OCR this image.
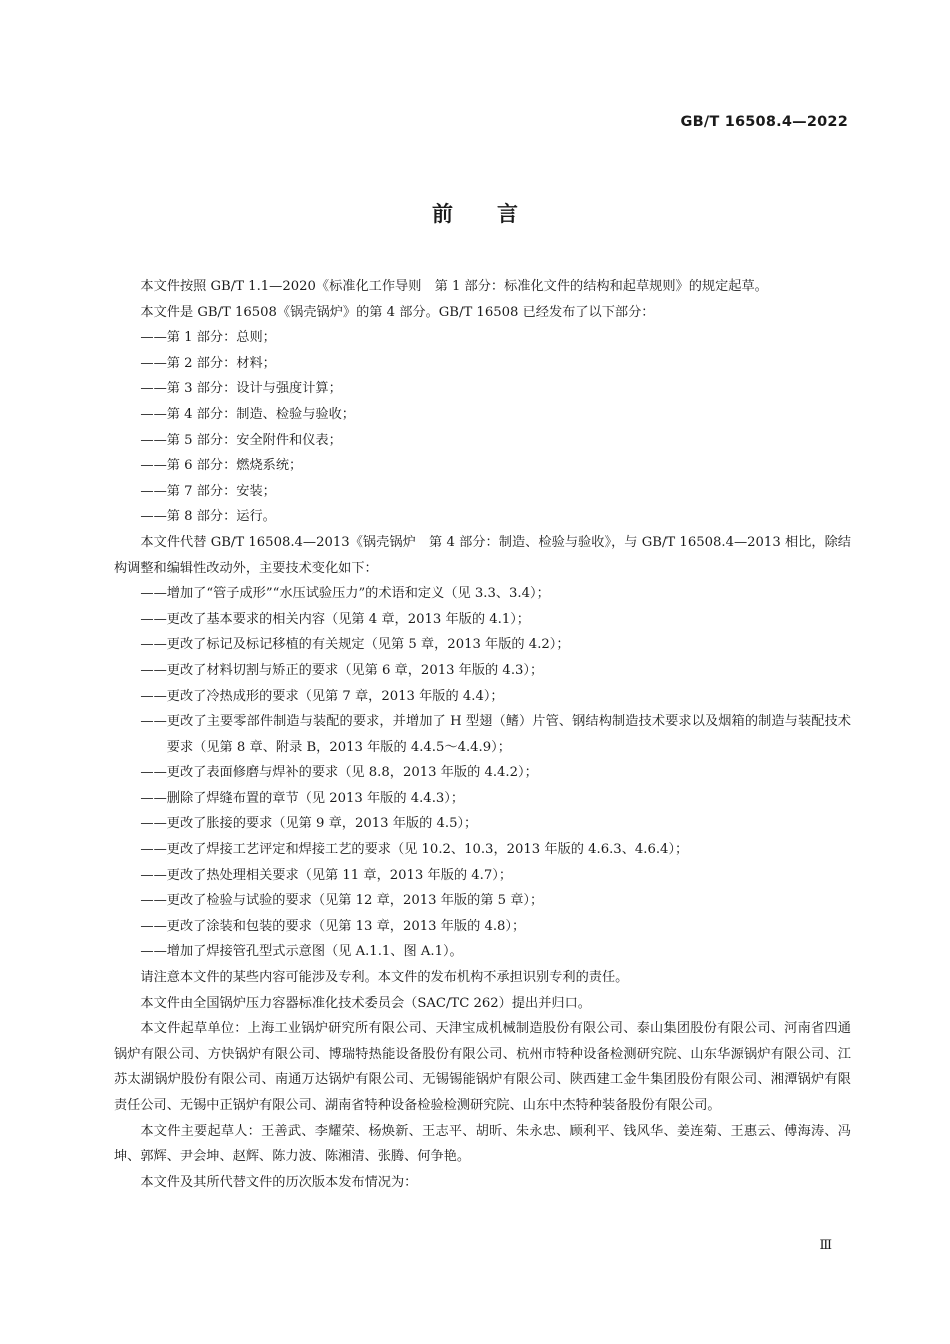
GB/T 16508.4—2022
前言

本文件按照 GB/T 1.1—2020《标准化工作导则　第 1 部分：标准化文件的结构和起草规则》的规定起草。

本文件是 GB/T 16508《锅壳锅炉》的第 4 部分。GB/T 16508 已经发布了以下部分：

——第 1 部分：总则；

——第 2 部分：材料；

——第 3 部分：设计与强度计算；

——第 4 部分：制造、检验与验收；

——第 5 部分：安全附件和仪表；

——第 6 部分：燃烧系统；

——第 7 部分：安装；

——第 8 部分：运行。

本文件代替 GB/T 16508.4—2013《锅壳锅炉　第 4 部分：制造、检验与验收》，与 GB/T 16508.4—2013 相比，除结构调整和编辑性改动外，主要技术变化如下：

——增加了“管子成形”“水压试验压力”的术语和定义（见 3.3、3.4）；

——更改了基本要求的相关内容（见第 4 章，2013 年版的 4.1）；

——更改了标记及标记移植的有关规定（见第 5 章，2013 年版的 4.2）；

——更改了材料切割与矫正的要求（见第 6 章，2013 年版的 4.3）；

——更改了冷热成形的要求（见第 7 章，2013 年版的 4.4）；

——更改了主要零部件制造与装配的要求，并增加了 H 型翅（鳍）片管、钢结构制造技术要求以及烟箱的制造与装配技术要求（见第 8 章、附录 B，2013 年版的 4.4.5～4.4.9）；

——更改了表面修磨与焊补的要求（见 8.8，2013 年版的 4.4.2）；

——删除了焊缝布置的章节（见 2013 年版的 4.4.3）；

——更改了胀接的要求（见第 9 章，2013 年版的 4.5）；

——更改了焊接工艺评定和焊接工艺的要求（见 10.2、10.3，2013 年版的 4.6.3、4.6.4）；

——更改了热处理相关要求（见第 11 章，2013 年版的 4.7）；

——更改了检验与试验的要求（见第 12 章，2013 年版的第 5 章）；

——更改了涂装和包装的要求（见第 13 章，2013 年版的 4.8）；

——增加了焊接管孔型式示意图（见 A.1.1、图 A.1）。

请注意本文件的某些内容可能涉及专利。本文件的发布机构不承担识别专利的责任。

本文件由全国锅炉压力容器标准化技术委员会（SAC/TC 262）提出并归口。

本文件起草单位：上海工业锅炉研究所有限公司、天津宝成机械制造股份有限公司、泰山集团股份有限公司、河南省四通锅炉有限公司、方快锅炉有限公司、博瑞特热能设备股份有限公司、杭州市特种设备检测研究院、山东华源锅炉有限公司、江苏太湖锅炉股份有限公司、南通万达锅炉有限公司、无锡锡能锅炉有限公司、陕西建工金牛集团股份有限公司、湘潭锅炉有限责任公司、无锡中正锅炉有限公司、湖南省特种设备检验检测研究院、山东中杰特种装备股份有限公司。

本文件主要起草人：王善武、李耀荣、杨焕新、王志平、胡昕、朱永忠、顾利平、钱风华、姜连菊、王惠云、傅海涛、冯坤、郭辉、尹会坤、赵辉、陈力波、陈湘清、张腾、何争艳。

本文件及其所代替文件的历次版本发布情况为：

Ⅲ
